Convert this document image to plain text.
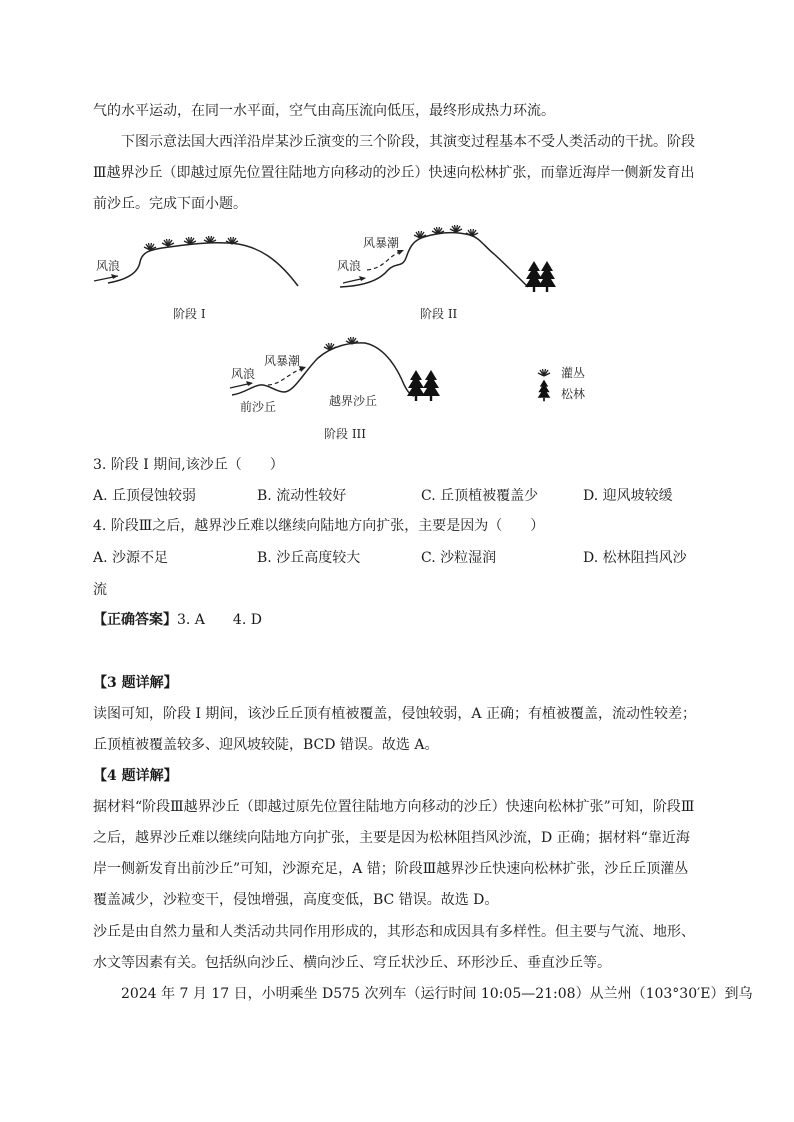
气的水平运动，在同一水平面，空气由高压流向低压，最终形成热力环流。
下图示意法国大西洋沿岸某沙丘演变的三个阶段，其演变过程基本不受人类活动的干扰。阶段
Ⅲ越界沙丘（即越过原先位置往陆地方向移动的沙丘）快速向松林扩张，而靠近海岸一侧新发育出
前沙丘。完成下面小题。
风浪
阶段 I
风暴潮
风浪
阶段 II
风暴潮
风浪
前沙丘	越界沙丘
阶段 III
灌丛
松林
3. 阶段 I 期间,该沙丘（　　）
A. 丘顶侵蚀较弱	B. 流动性较好	C. 丘顶植被覆盖少	D. 迎风坡较缓
4. 阶段Ⅲ之后，越界沙丘难以继续向陆地方向扩张，主要是因为（　　）
A. 沙源不足	B. 沙丘高度较大	C. 沙粒湿润	D. 松林阻挡风沙
流
【正确答案】3. A　　4. D
【3 题详解】
读图可知，阶段 I 期间，该沙丘丘顶有植被覆盖，侵蚀较弱，A 正确；有植被覆盖，流动性较差；
丘顶植被覆盖较多、迎风坡较陡，BCD 错误。故选 A。
【4 题详解】
据材料“阶段Ⅲ越界沙丘（即越过原先位置往陆地方向移动的沙丘）快速向松林扩张”可知，阶段Ⅲ
之后，越界沙丘难以继续向陆地方向扩张，主要是因为松林阻挡风沙流，D 正确；据材料“靠近海
岸一侧新发育出前沙丘”可知，沙源充足，A 错；阶段Ⅲ越界沙丘快速向松林扩张，沙丘丘顶灌丛
覆盖减少，沙粒变干，侵蚀增强，高度变低，BC 错误。故选 D。
沙丘是由自然力量和人类活动共同作用形成的，其形态和成因具有多样性。但主要与气流、地形、
水文等因素有关。包括纵向沙丘、横向沙丘、穹丘状沙丘、环形沙丘、垂直沙丘等。
2024 年 7 月 17 日，小明乘坐 D575 次列车（运行时间 10:05—21:08）从兰州（103°30′E）到乌
